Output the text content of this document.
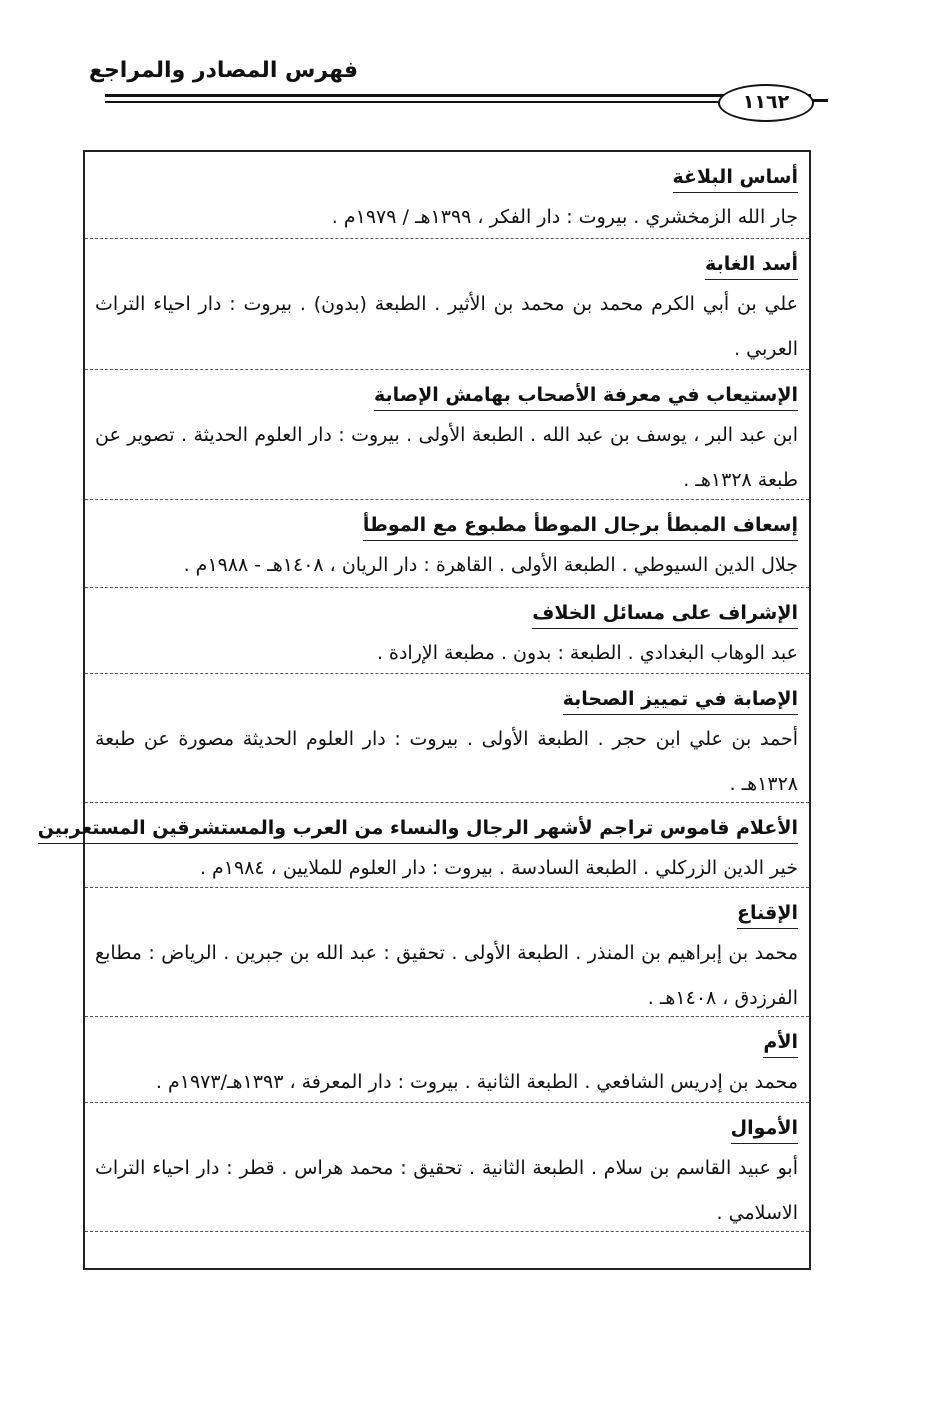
فهرس المصادر والمراجع
١١٦٢
أساس البلاغة
جار الله الزمخشري . بيروت : دار الفكر ، ١٣٩٩هـ / ١٩٧٩م .
أسد الغابة
علي بن أبي الكرم محمد بن محمد بن الأثير . الطبعة (بدون) . بيروت : دار احياء التراث العربي .
الإستيعاب في معرفة الأصحاب بهامش الإصابة
ابن عبد البر ، يوسف بن عبد الله . الطبعة الأولى . بيروت : دار العلوم الحديثة . تصوير عن طبعة ١٣٢٨هـ .
إسعاف المبطأ برجال الموطأ مطبوع مع الموطأ
جلال الدين السيوطي . الطبعة الأولى . القاهرة : دار الريان ، ١٤٠٨هـ - ١٩٨٨م .
الإشراف على مسائل الخلاف
عبد الوهاب البغدادي . الطبعة : بدون . مطبعة الإرادة .
الإصابة في تمييز الصحابة
أحمد بن علي ابن حجر . الطبعة الأولى . بيروت : دار العلوم الحديثة مصورة عن طبعة ١٣٢٨هـ .
الأعلام قاموس تراجم لأشهر الرجال والنساء من العرب والمستشرقين المستعربين
خير الدين الزركلي . الطبعة السادسة . بيروت : دار العلوم للملايين ، ١٩٨٤م .
الإقناع
محمد بن إبراهيم بن المنذر . الطبعة الأولى . تحقيق : عبد الله بن جبرين . الرياض : مطابع الفرزدق ، ١٤٠٨هـ .
الأم
محمد بن إدريس الشافعي . الطبعة الثانية . بيروت : دار المعرفة ، ١٣٩٣هـ/١٩٧٣م .
الأموال
أبو عبيد القاسم بن سلام . الطبعة الثانية . تحقيق : محمد هراس . قطر : دار احياء التراث الاسلامي .
